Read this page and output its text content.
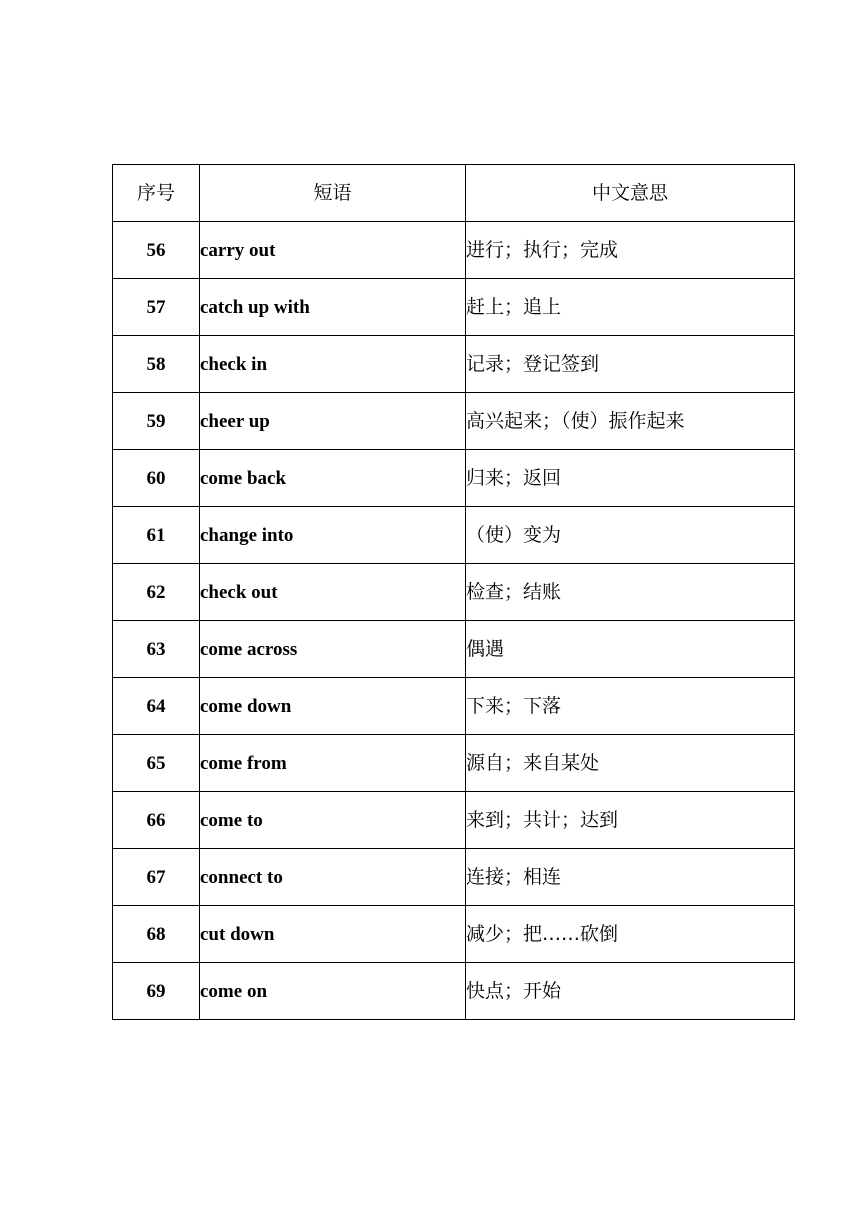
序号	短语	中文意思
56	carry out	进行；执行；完成
57	catch up with	赶上；追上
58	check in	记录；登记签到
59	cheer up	高兴起来；（使）振作起来
60	come back	归来；返回
61	change into	（使）变为
62	check out	检查；结账
63	come across	偶遇
64	come down	下来；下落
65	come from	源自；来自某处
66	come to	来到；共计；达到
67	connect to	连接；相连
68	cut down	减少；把……砍倒
69	come on	快点；开始
